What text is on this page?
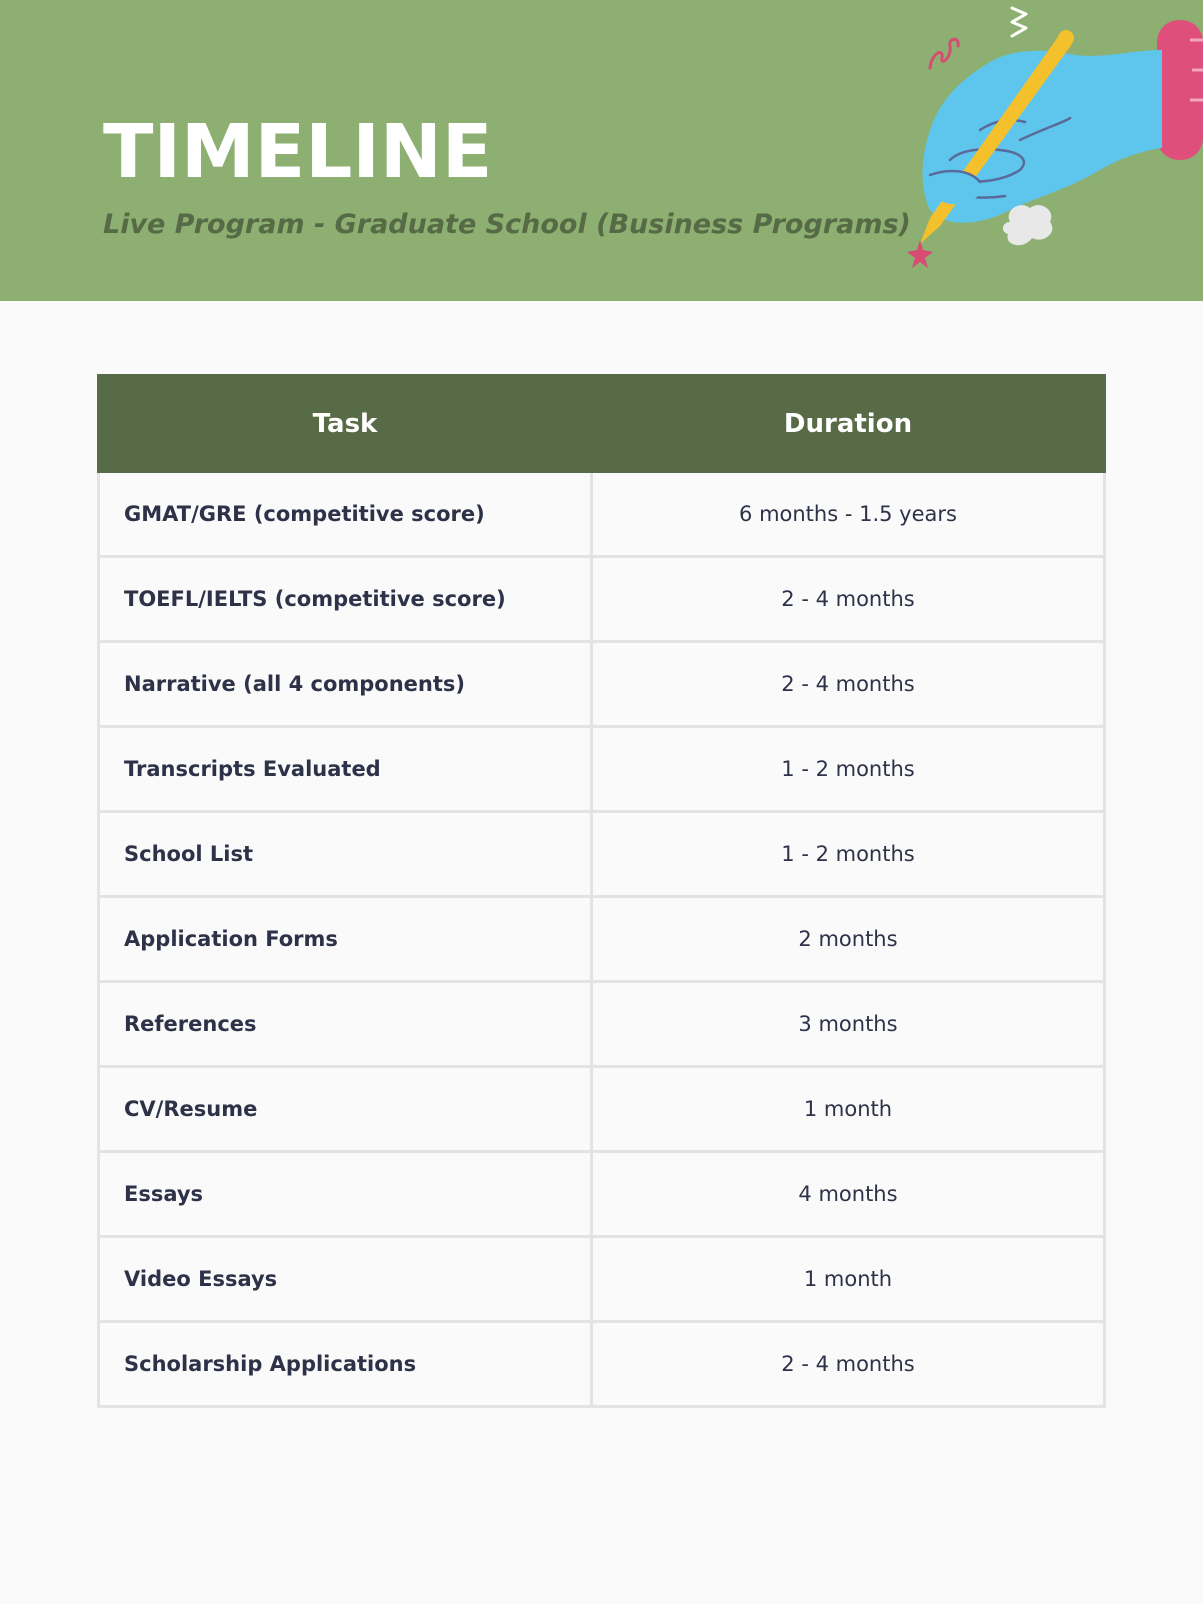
TIMELINE

Live Program - Graduate School (Business Programs)

Task	Duration
GMAT/GRE (competitive score)	6 months - 1.5 years
TOEFL/IELTS (competitive score)	2 - 4 months
Narrative (all 4 components)	2 - 4 months
Transcripts Evaluated	1 - 2 months
School List	1 - 2 months
Application Forms	2 months
References	3 months
CV/Resume	1 month
Essays	4 months
Video Essays	1 month
Scholarship Applications	2 - 4 months
